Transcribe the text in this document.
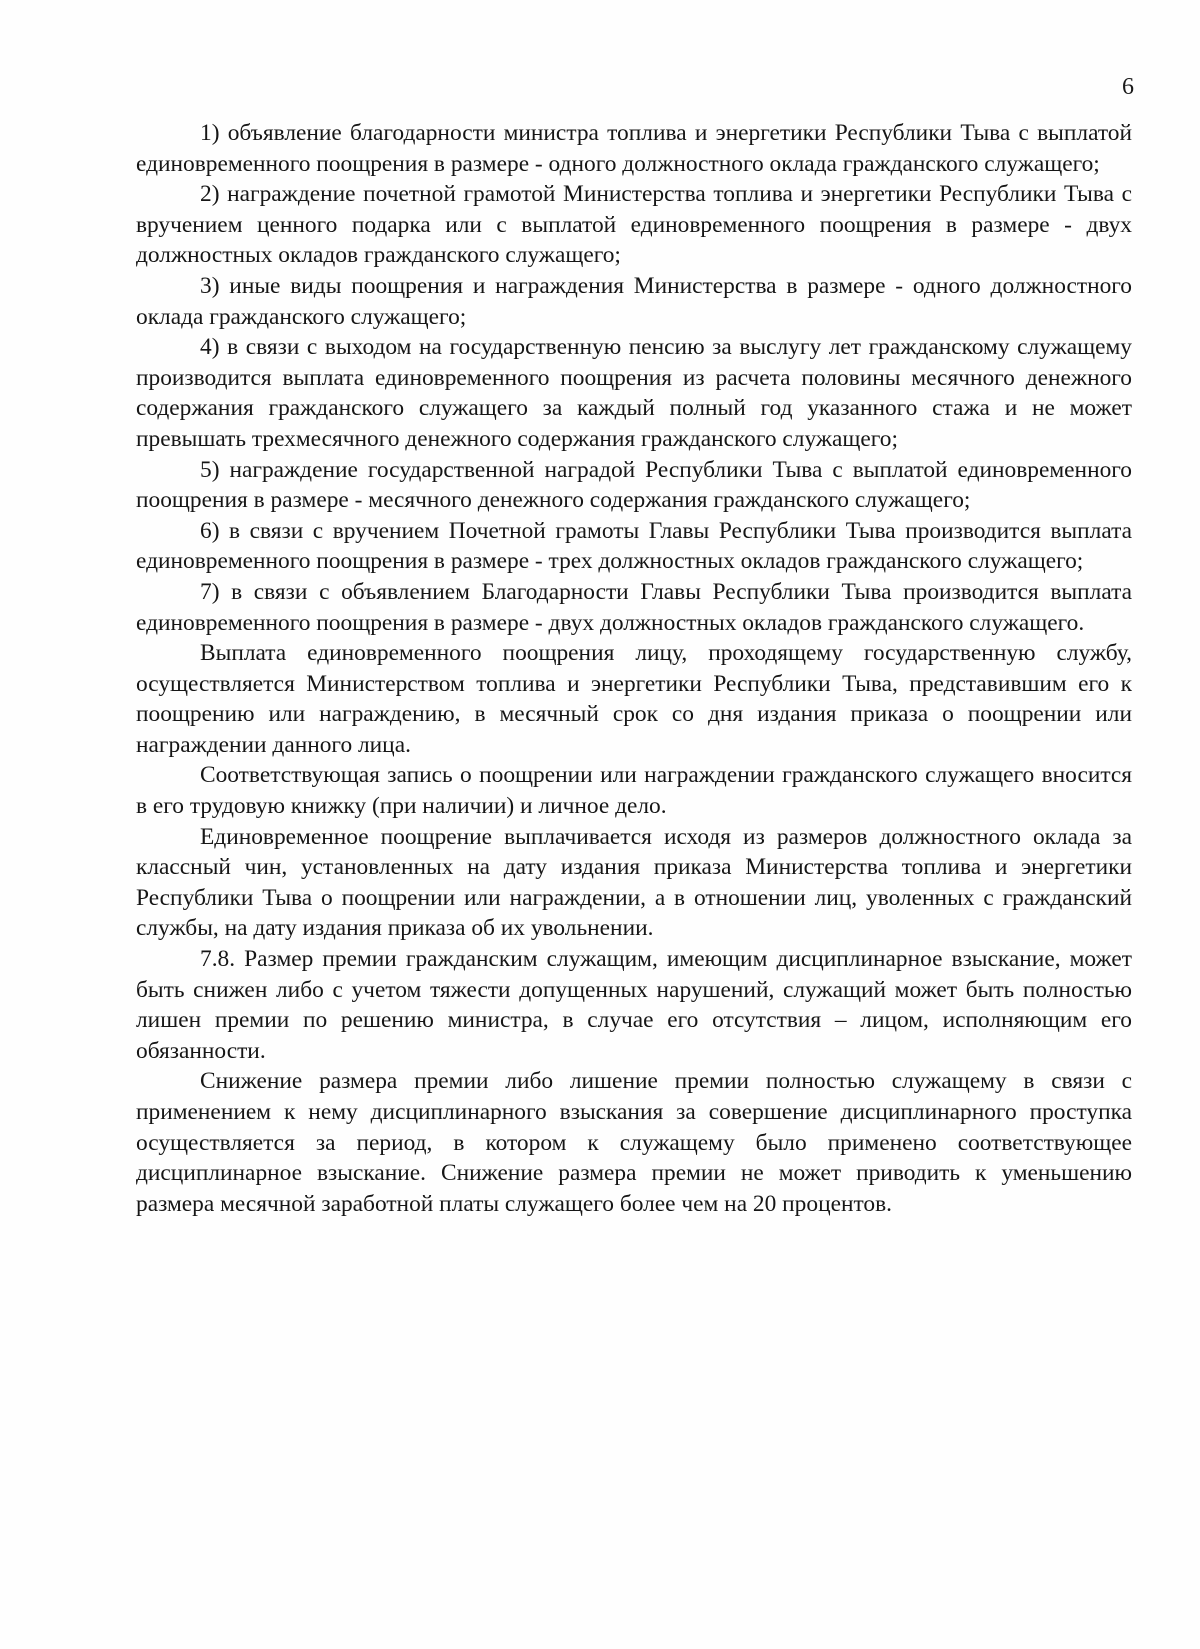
6

1) объявление благодарности министра топлива и энергетики Республики Тыва с выплатой единовременного поощрения в размере - одного должностного оклада гражданского служащего;

2) награждение почетной грамотой Министерства топлива и энергетики Республики Тыва с вручением ценного подарка или с выплатой единовременного поощрения в размере - двух должностных окладов гражданского служащего;

3) иные виды поощрения и награждения Министерства в размере - одного должностного оклада гражданского служащего;

4) в связи с выходом на государственную пенсию за выслугу лет гражданскому служащему производится выплата единовременного поощрения из расчета половины месячного денежного содержания гражданского служащего за каждый полный год указанного стажа и не может превышать трехмесячного денежного содержания гражданского служащего;

5) награждение государственной наградой Республики Тыва с выплатой единовременного поощрения в размере - месячного денежного содержания гражданского служащего;

6) в связи с вручением Почетной грамоты Главы Республики Тыва производится выплата единовременного поощрения в размере - трех должностных окладов гражданского служащего;

7) в связи с объявлением Благодарности Главы Республики Тыва производится выплата единовременного поощрения в размере - двух должностных окладов гражданского служащего.

Выплата единовременного поощрения лицу, проходящему государственную службу, осуществляется Министерством топлива и энергетики Республики Тыва, представившим его к поощрению или награждению, в месячный срок со дня издания приказа о поощрении или награждении данного лица.

Соответствующая запись о поощрении или награждении гражданского служащего вносится в его трудовую книжку (при наличии) и личное дело.

Единовременное поощрение выплачивается исходя из размеров должностного оклада за классный чин, установленных на дату издания приказа Министерства топлива и энергетики Республики Тыва о поощрении или награждении, а в отношении лиц, уволенных с гражданский службы, на дату издания приказа об их увольнении.

7.8. Размер премии гражданским служащим, имеющим дисциплинарное взыскание, может быть снижен либо с учетом тяжести допущенных нарушений, служащий может быть полностью лишен премии по решению министра, в случае его отсутствия – лицом, исполняющим его обязанности.

Снижение размера премии либо лишение премии полностью служащему в связи с применением к нему дисциплинарного взыскания за совершение дисциплинарного проступка осуществляется за период, в котором к служащему было применено соответствующее дисциплинарное взыскание. Снижение размера премии не может приводить к уменьшению размера месячной заработной платы служащего более чем на 20 процентов.
